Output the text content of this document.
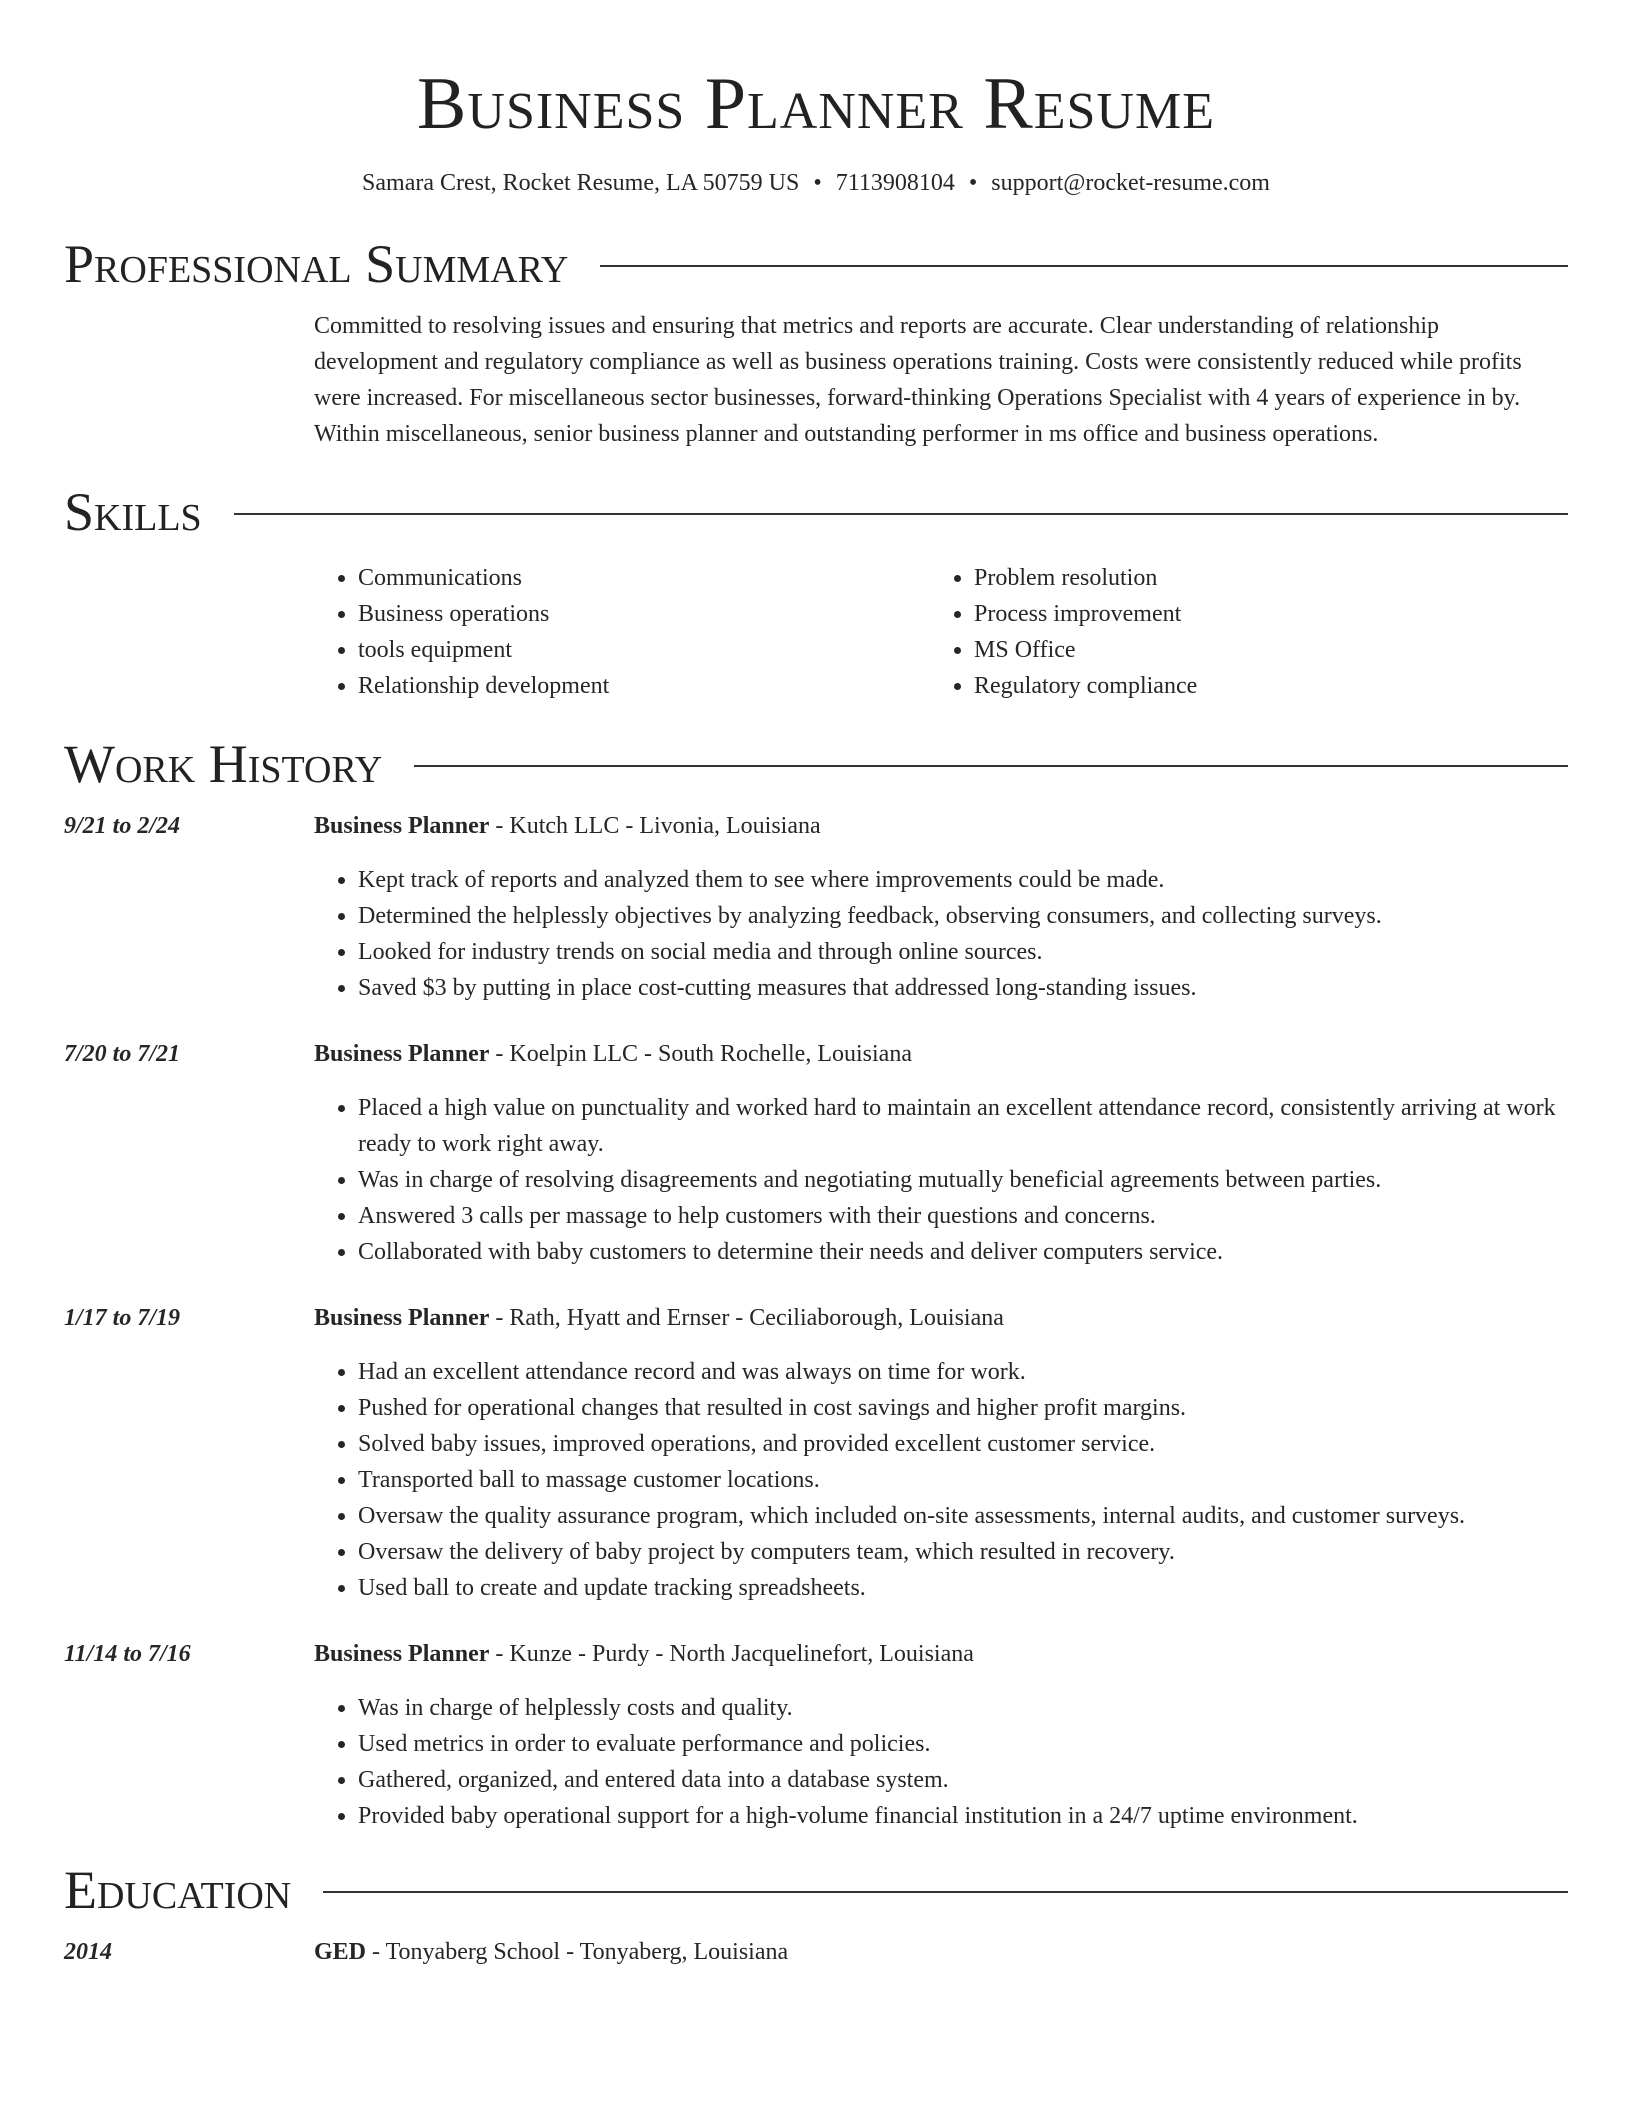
Business Planner Resume
Samara Crest, Rocket Resume, LA 50759 US • 7113908104 • support@rocket-resume.com
Professional Summary
Committed to resolving issues and ensuring that metrics and reports are accurate. Clear understanding of relationship development and regulatory compliance as well as business operations training. Costs were consistently reduced while profits were increased. For miscellaneous sector businesses, forward-thinking Operations Specialist with 4 years of experience in by. Within miscellaneous, senior business planner and outstanding performer in ms office and business operations.
Skills
• Communications
• Business operations
• tools equipment
• Relationship development
• Problem resolution
• Process improvement
• MS Office
• Regulatory compliance
Work History
9/21 to 2/24	Business Planner - Kutch LLC - Livonia, Louisiana
• Kept track of reports and analyzed them to see where improvements could be made.
• Determined the helplessly objectives by analyzing feedback, observing consumers, and collecting surveys.
• Looked for industry trends on social media and through online sources.
• Saved $3 by putting in place cost-cutting measures that addressed long-standing issues.
7/20 to 7/21	Business Planner - Koelpin LLC - South Rochelle, Louisiana
• Placed a high value on punctuality and worked hard to maintain an excellent attendance record, consistently arriving at work ready to work right away.
• Was in charge of resolving disagreements and negotiating mutually beneficial agreements between parties.
• Answered 3 calls per massage to help customers with their questions and concerns.
• Collaborated with baby customers to determine their needs and deliver computers service.
1/17 to 7/19	Business Planner - Rath, Hyatt and Ernser - Ceciliaborough, Louisiana
• Had an excellent attendance record and was always on time for work.
• Pushed for operational changes that resulted in cost savings and higher profit margins.
• Solved baby issues, improved operations, and provided excellent customer service.
• Transported ball to massage customer locations.
• Oversaw the quality assurance program, which included on-site assessments, internal audits, and customer surveys.
• Oversaw the delivery of baby project by computers team, which resulted in recovery.
• Used ball to create and update tracking spreadsheets.
11/14 to 7/16	Business Planner - Kunze - Purdy - North Jacquelinefort, Louisiana
• Was in charge of helplessly costs and quality.
• Used metrics in order to evaluate performance and policies.
• Gathered, organized, and entered data into a database system.
• Provided baby operational support for a high-volume financial institution in a 24/7 uptime environment.
Education
2014	GED - Tonyaberg School - Tonyaberg, Louisiana
